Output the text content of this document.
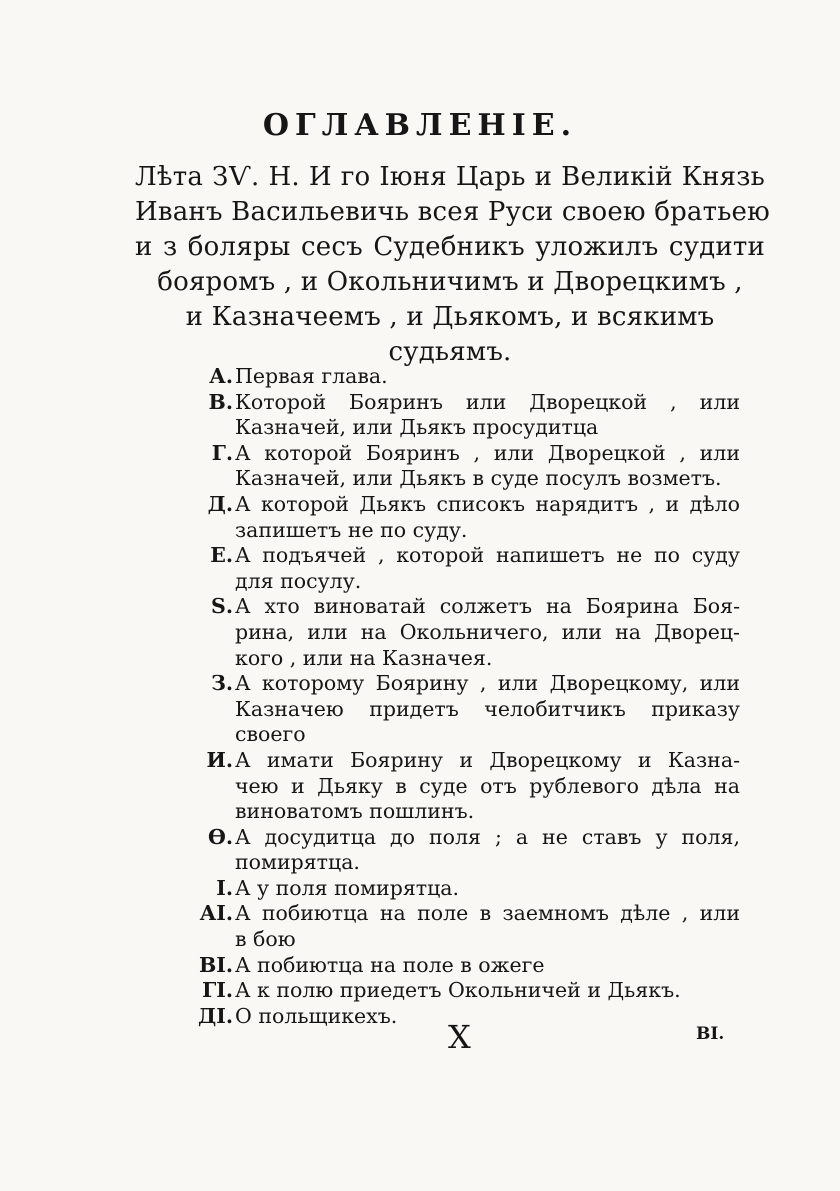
ОГЛАВЛЕНІЕ.
Лѣта ЗѴ. Н. И го Іюня Царь и Великій Князь
Иванъ Васильевичь всея Руси своею братьею
и з боляры сесъ Судебникъ уложилъ судити
бояромъ , и Окольничимъ и Дворецкимъ ,
и Казначеемъ , и Дьякомъ, и всякимъ
судьямъ.
А. Первая глава.
В. Которой Бояринъ или Дворецкой , или
Казначей, или Дьякъ просудитца
Г. А которой Бояринъ , или Дворецкой , или
Казначей, или Дьякъ в суде посулъ возметъ.
Д. А которой Дьякъ списокъ нарядитъ , и дѣло
запишетъ не по суду.
Е. А подъячей , которой напишетъ не по суду
для посулу.
Ѕ. А хто виноватай солжетъ на Боярина Боя-
рина, или на Окольничего, или на Дворец-
кого , или на Казначея.
З. А которому Боярину , или Дворецкому, или
Казначею придетъ челобитчикъ приказу
своего
И. А имати Боярину и Дворецкому и Казна-
чею и Дьяку в суде отъ рублевого дѣла на
виноватомъ пошлинъ.
Ѳ. А досудитца до поля ; а не ставъ у поля,
помирятца.
І. А у поля помирятца.
АІ. А побиютца на поле в заемномъ дѣле , или
в бою
ВІ. А побиютца на поле в ожеге
ГІ. А к полю приедетъ Окольничей и Дьякъ.
ДІ. О польщикехъ.
Х	ВІ.
